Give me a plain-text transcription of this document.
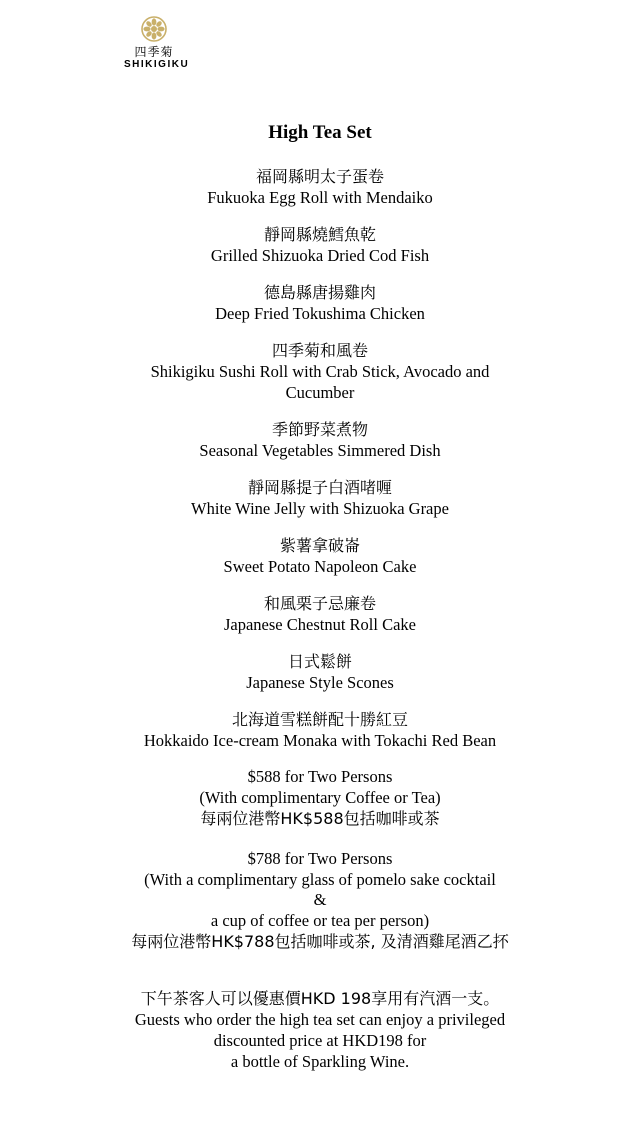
四季菊
SHIKIGIKU
High Tea Set
福岡縣明太子蛋卷
Fukuoka Egg Roll with Mendaiko
靜岡縣燒鱈魚乾
Grilled Shizuoka Dried Cod Fish
德島縣唐揚雞肉
Deep Fried Tokushima Chicken
四季菊和風卷
Shikigiku Sushi Roll with Crab Stick, Avocado and Cucumber
季節野菜煮物
Seasonal Vegetables Simmered Dish
靜岡縣提子白酒啫喱
White Wine Jelly with Shizuoka Grape
紫薯拿破崙
Sweet Potato Napoleon Cake
和風栗子忌廉卷
Japanese Chestnut Roll Cake
日式鬆餅
Japanese Style Scones
北海道雪糕餅配十勝紅豆
Hokkaido Ice-cream Monaka with Tokachi Red Bean
$588 for Two Persons
(With complimentary Coffee or Tea)
每兩位港幣HK$588包括咖啡或茶
$788 for Two Persons
(With a complimentary glass of pomelo sake cocktail
&
a cup of coffee or tea per person)
每兩位港幣HK$788包括咖啡或茶, 及清酒雞尾酒乙抔
下午茶客人可以優惠價HKD 198享用有汽酒一支。
Guests who order the high tea set can enjoy a privileged
discounted price at HKD198 for
a bottle of Sparkling Wine.
